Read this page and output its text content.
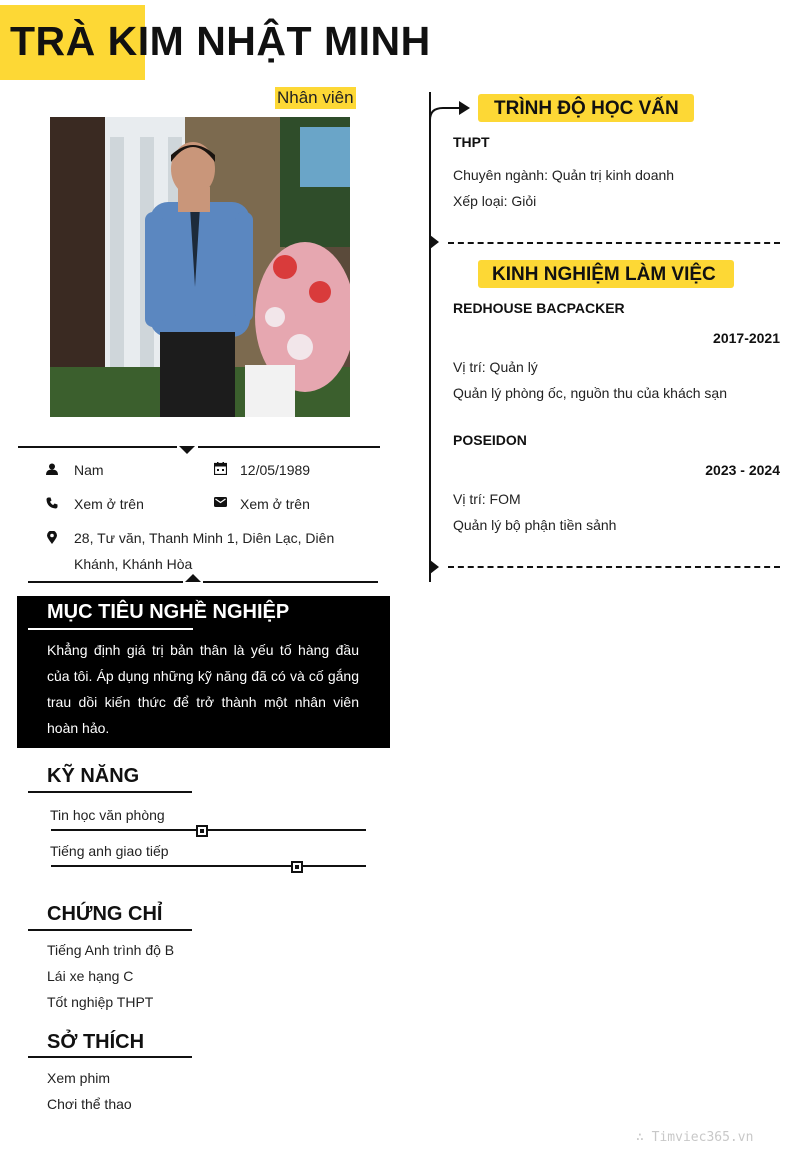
TRÀ KIM NHẬT MINH
Nhân viên
Nam	12/05/1989
Xem ở trên	Xem ở trên
28, Tư văn, Thanh Minh 1, Diên Lạc, Diên
Khánh, Khánh Hòa
MỤC TIÊU NGHỀ NGHIỆP
Khẳng định giá trị bản thân là yếu tố hàng đầu của tôi. Áp dụng những kỹ năng đã có và cố gắng trau dồi kiến thức để trở thành một nhân viên hoàn hảo.
KỸ NĂNG
Tin học văn phòng
Tiếng anh giao tiếp
CHỨNG CHỈ
Tiếng Anh trình độ B
Lái xe hạng C
Tốt nghiệp THPT
SỞ THÍCH
Xem phim
Chơi thể thao
TRÌNH ĐỘ HỌC VẤN
THPT
Chuyên ngành: Quản trị kinh doanh
Xếp loại: Giỏi
KINH NGHIỆM LÀM VIỆC
REDHOUSE BACPACKER
2017-2021
Vị trí: Quản lý
Quản lý phòng ốc, nguồn thu của khách sạn
POSEIDON
2023 - 2024
Vị trí: FOM
Quản lý bộ phận tiền sảnh
∴ Timviec365.vn
